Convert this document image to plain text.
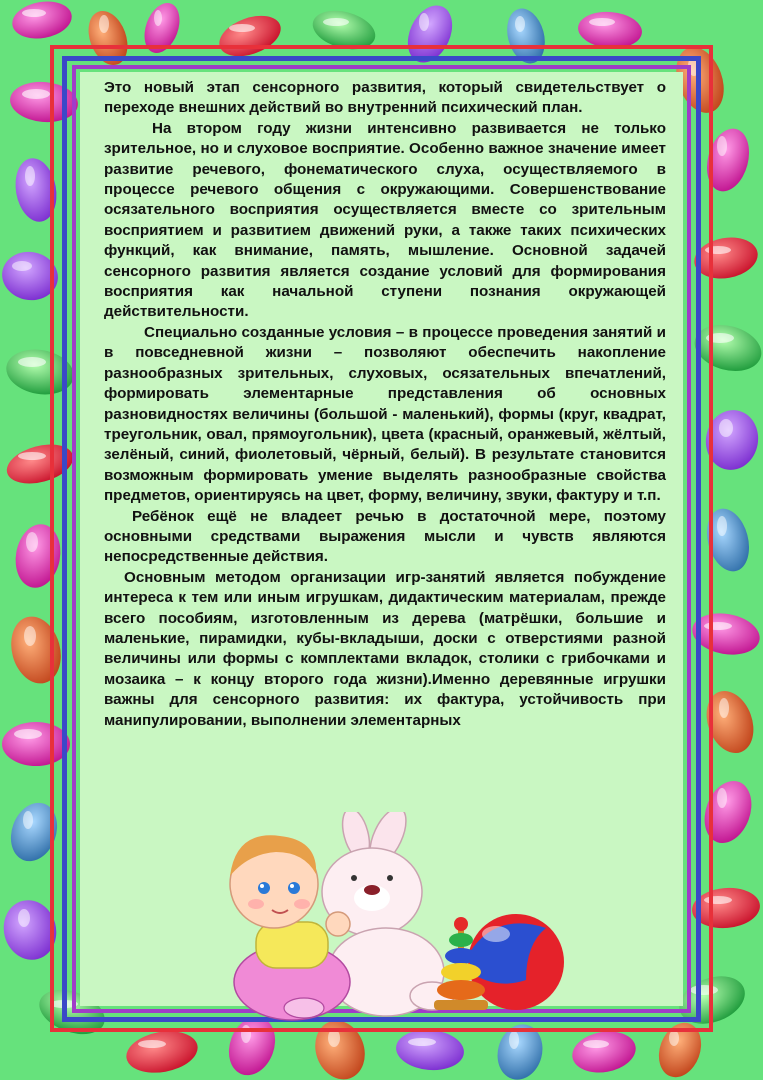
Это новый этап сенсорного развития, который свидетельствует о переходе внешних действий во внутренний психический план.

На втором году жизни интенсивно развивается не только зрительное, но и слуховое восприятие. Особенно важное значение имеет развитие речевого, фонематического слуха, осуществляемого в процессе речевого общения с окружающими. Совершенствование осязательного восприятия осуществляется вместе со зрительным восприятием и развитием движений руки, а также таких психических функций, как внимание, память, мышление. Основной задачей сенсорного развития является создание условий для формирования восприятия как начальной ступени познания окружающей действительности.

Специально созданные условия – в процессе проведения занятий и в повседневной жизни – позволяют обеспечить накопление разнообразных зрительных, слуховых, осязательных впечатлений, формировать элементарные представления об основных разновидностях величины (большой - маленький), формы (круг, квадрат, треугольник, овал, прямоугольник), цвета (красный, оранжевый, жёлтый, зелёный, синий, фиолетовый, чёрный, белый). В результате становится возможным формировать умение выделять разнообразные свойства предметов, ориентируясь на цвет, форму, величину, звуки, фактуру и т.п.

Ребёнок ещё не владеет речью в достаточной мере, поэтому основными средствами выражения мысли и чувств являются непосредственные действия.

Основным методом организации игр-занятий является побуждение интереса к тем или иным игрушкам, дидактическим материалам, прежде всего пособиям, изготовленным из дерева (матрёшки, большие и маленькие, пирамидки, кубы-вкладыши, доски с отверстиями разной величины или формы с комплектами вкладок, столики с грибочками и мозаика – к концу второго года жизни).Именно деревянные игрушки важны для сенсорного развития: их фактура, устойчивость при манипулировании, выполнении элементарных
